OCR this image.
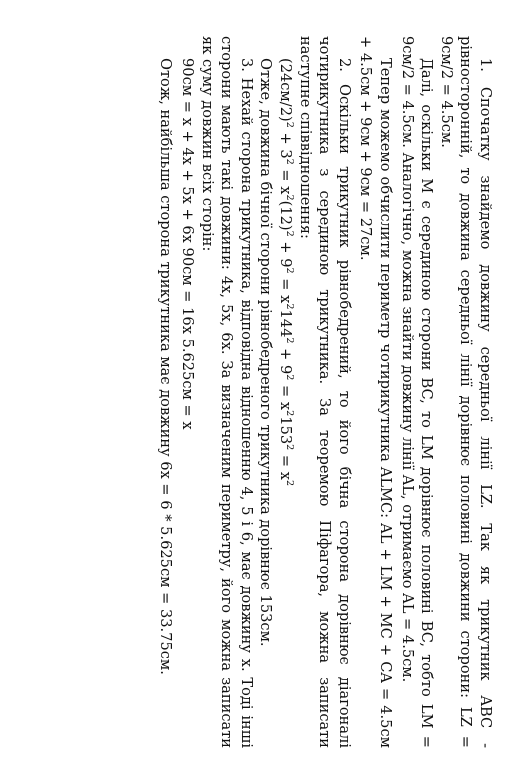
1. Спочатку знайдемо довжину середньої лінії LZ. Так як трикутник ABC - рівносторонній, то довжина середньої лінії дорівнює половині довжини сторони: LZ = 9см/2 = 4.5см.

Далі, оскільки M є серединою сторони BC, то LM дорівнює половині BC, тобто LM = 9см/2 = 4.5см. Аналогічно, можна знайти довжину лінії AL, отримаємо AL = 4.5см.

Тепер можемо обчислити периметр чотирикутника ALMC: AL + LM + MC + CA = 4.5см + 4.5см + 9см + 9см = 27см.

2. Оскільки трикутник рівнобедрений, то його бічна сторона дорівнює діагоналі чотирикутника з серединою трикутника. За теоремою Піфагора, можна записати наступне співвідношення:

$(24см/2)^2 + 3^2 = x^2(12)^2 + 9^2 = x^2144^2 + 9^2 = x^2153^2 = x^2$

Отже, довжина бічної сторони рівнобедреного трикутника дорівнює 153см.

3. Нехай сторона трикутника, відповідна відношенню 4, 5 і 6, має довжину x. Тоді інші сторони мають такі довжини: 4x, 5x, 6x. За визначеним периметру, його можна записати як суму довжин всіх сторін:

90см = x + 4x + 5x + 6x 90см = 16x 5.625см = x

Отож, найбільша сторона трикутника має довжину 6x = 6 * 5.625см = 33.75см.
